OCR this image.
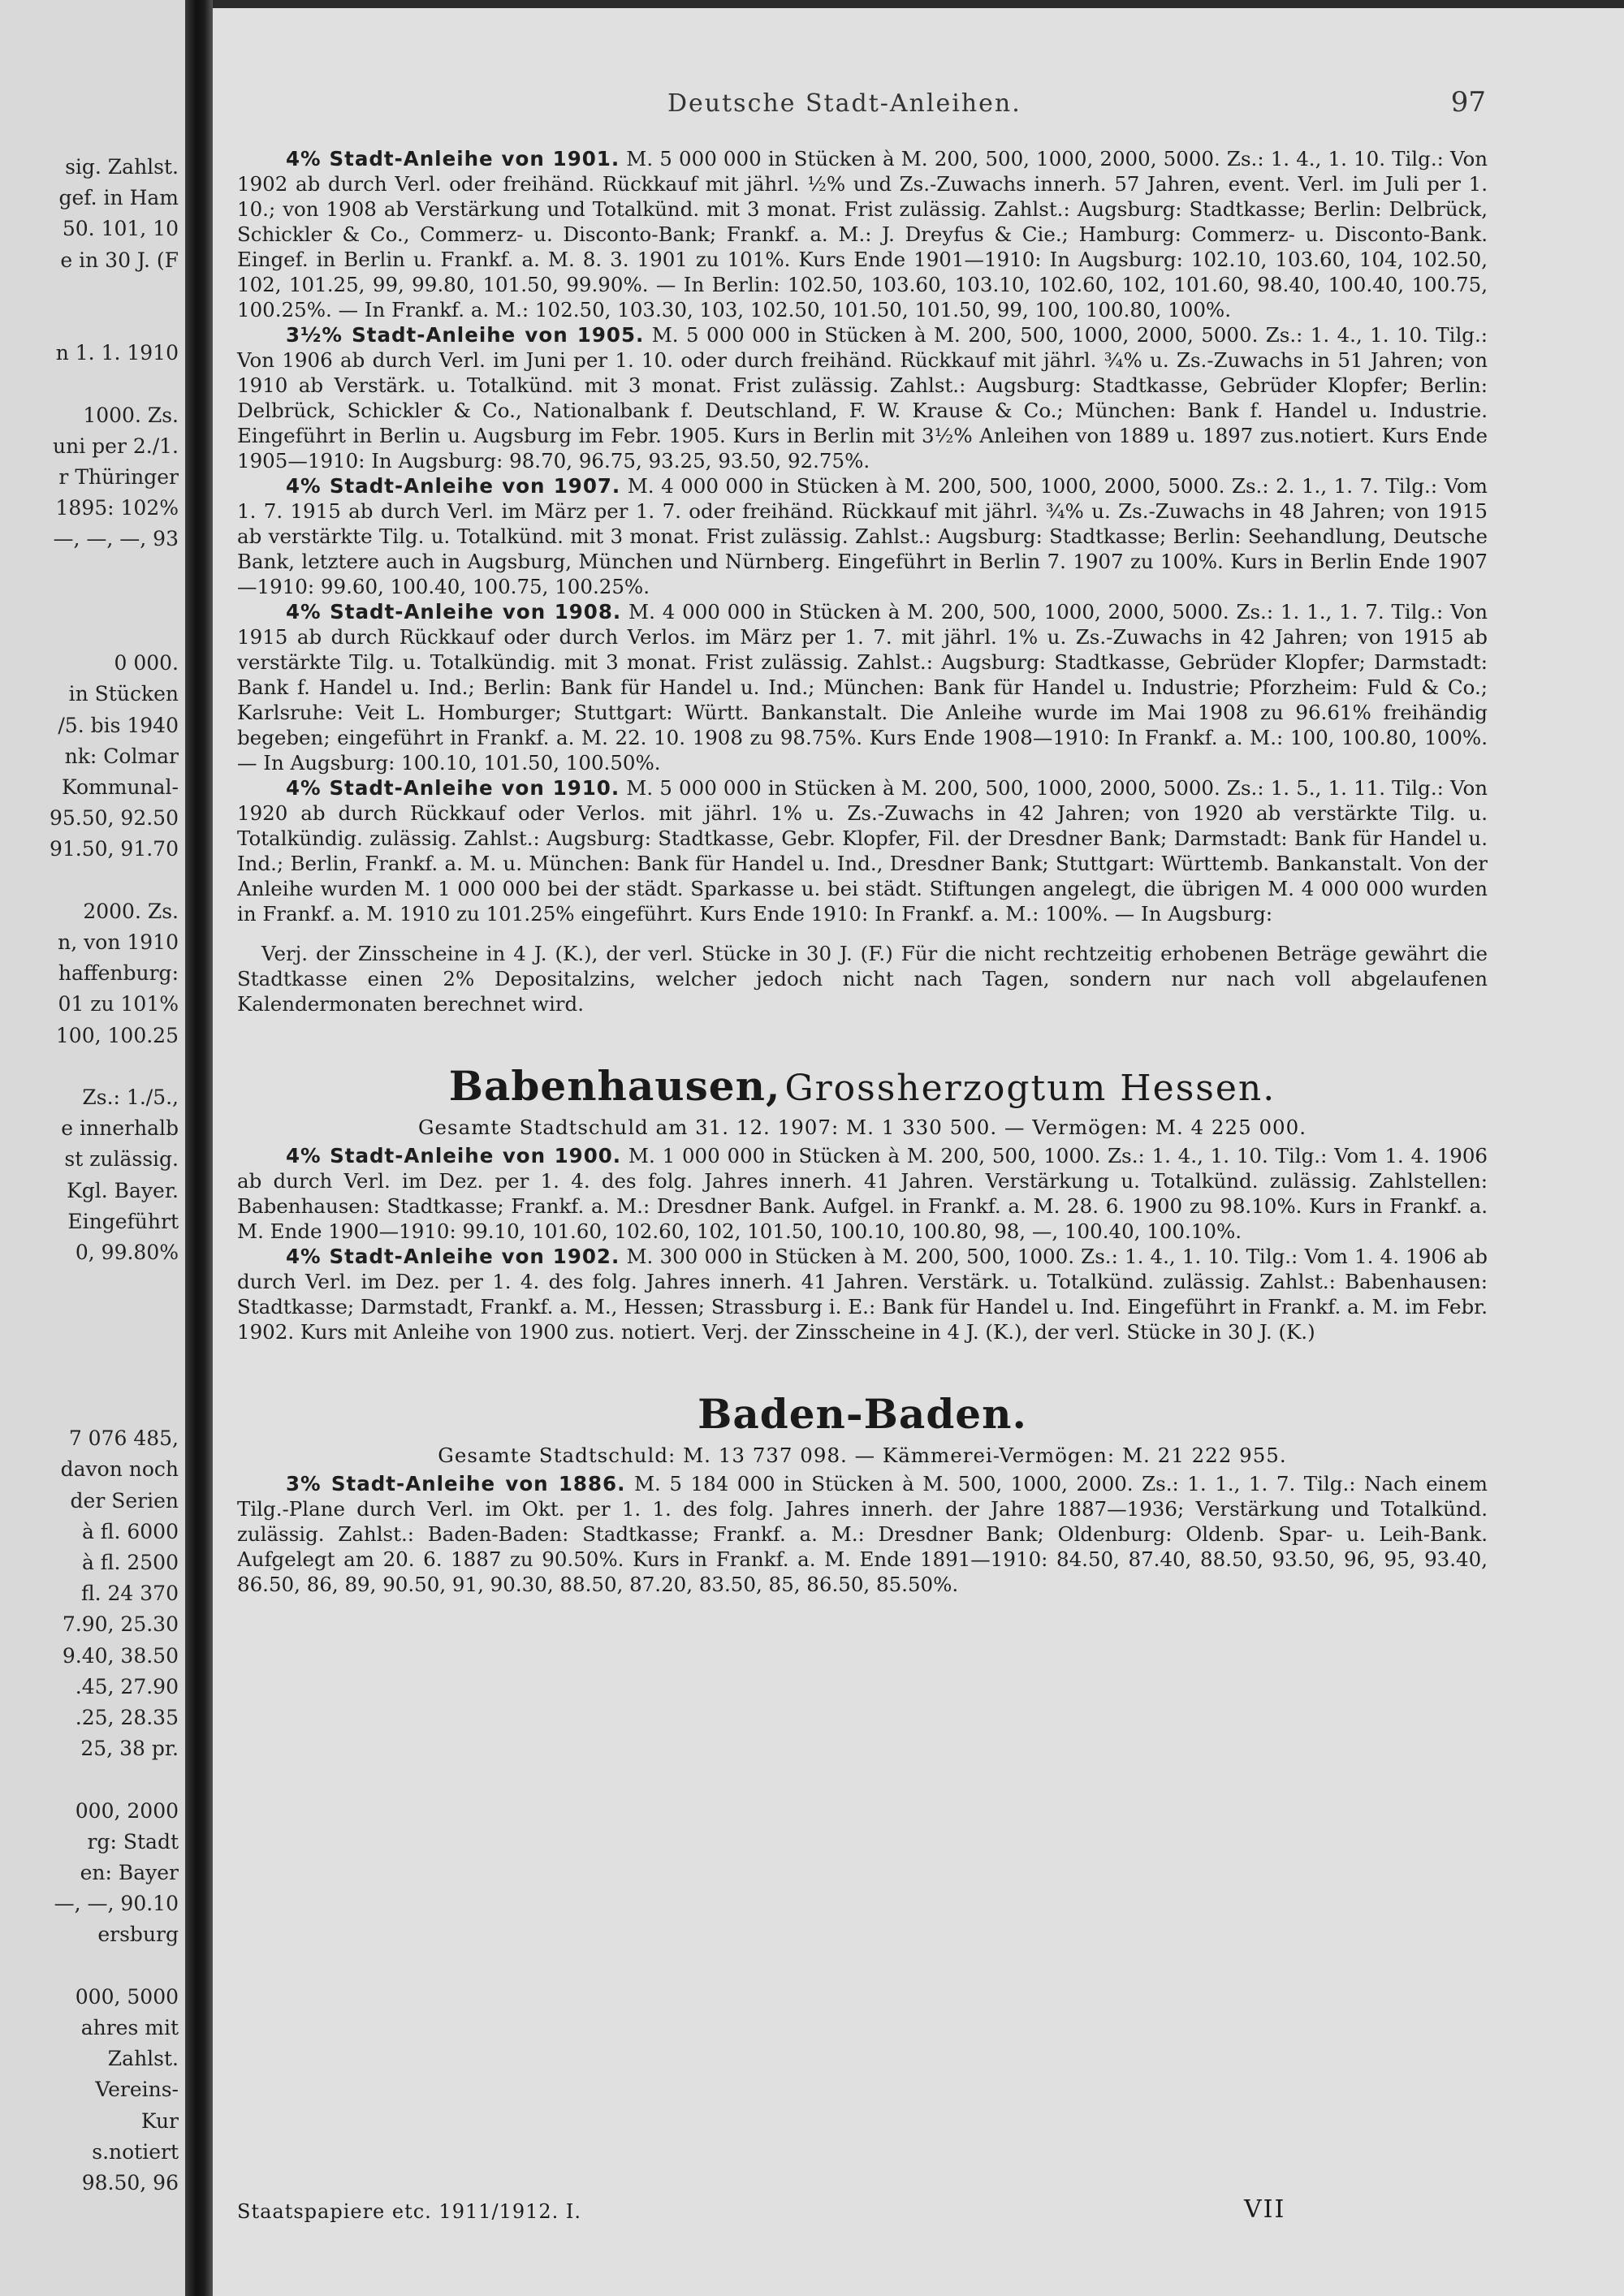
sig. Zahlst.
gef. in Ham
50. 101, 10
e in 30 J. (F
n 1. 1. 1910
1000. Zs.
uni per 2./1.
r Thüringer
1895: 102%
—, —, —, 93
0 000.
in Stücken
/5. bis 1940
nk: Colmar
Kommunal-
95.50, 92.50
91.50, 91.70
2000. Zs.
n, von 1910
haffenburg:
01 zu 101%
100, 100.25
Zs.: 1./5.,
e innerhalb
st zulässig.
Kgl. Bayer.
Eingeführt
0, 99.80%
7 076 485,
davon noch
der Serien
à fl. 6000
à fl. 2500
fl. 24 370
7.90, 25.30
9.40, 38.50
.45, 27.90
.25, 28.35
25, 38 pr.
000, 2000
rg: Stadt
en: Bayer
—, —, 90.10
ersburg
000, 5000
ahres mit
Zahlst.
Vereins-
Kur
s.notiert
98.50, 96
Deutsche Stadt-Anleihen.	97

4% Stadt-Anleihe von 1901. M. 5 000 000 in Stücken à M. 200, 500, 1000, 2000, 5000. Zs.: 1. 4., 1. 10. Tilg.: Von 1902 ab durch Verl. oder freihänd. Rückkauf mit jährl. ½% und Zs.-Zuwachs innerh. 57 Jahren, event. Verl. im Juli per 1. 10.; von 1908 ab Verstärkung und Totalkünd. mit 3 monat. Frist zulässig. Zahlst.: Augsburg: Stadtkasse; Berlin: Delbrück, Schickler & Co., Commerz- u. Disconto-Bank; Frankf. a. M.: J. Dreyfus & Cie.; Hamburg: Commerz- u. Disconto-Bank. Eingef. in Berlin u. Frankf. a. M. 8. 3. 1901 zu 101%. Kurs Ende 1901—1910: In Augsburg: 102.10, 103.60, 104, 102.50, 102, 101.25, 99, 99.80, 101.50, 99.90%. — In Berlin: 102.50, 103.60, 103.10, 102.60, 102, 101.60, 98.40, 100.40, 100.75, 100.25%. — In Frankf. a. M.: 102.50, 103.30, 103, 102.50, 101.50, 101.50, 99, 100, 100.80, 100%.

3½% Stadt-Anleihe von 1905. M. 5 000 000 in Stücken à M. 200, 500, 1000, 2000, 5000. Zs.: 1. 4., 1. 10. Tilg.: Von 1906 ab durch Verl. im Juni per 1. 10. oder durch freihänd. Rückkauf mit jährl. ¾% u. Zs.-Zuwachs in 51 Jahren; von 1910 ab Verstärk. u. Totalkünd. mit 3 monat. Frist zulässig. Zahlst.: Augsburg: Stadtkasse, Gebrüder Klopfer; Berlin: Delbrück, Schickler & Co., Nationalbank f. Deutschland, F. W. Krause & Co.; München: Bank f. Handel u. Industrie. Eingeführt in Berlin u. Augsburg im Febr. 1905. Kurs in Berlin mit 3½% Anleihen von 1889 u. 1897 zus.notiert. Kurs Ende 1905—1910: In Augsburg: 98.70, 96.75, 93.25, 93.50, 92.75%.

4% Stadt-Anleihe von 1907. M. 4 000 000 in Stücken à M. 200, 500, 1000, 2000, 5000. Zs.: 2. 1., 1. 7. Tilg.: Vom 1. 7. 1915 ab durch Verl. im März per 1. 7. oder freihänd. Rückkauf mit jährl. ¾% u. Zs.-Zuwachs in 48 Jahren; von 1915 ab verstärkte Tilg. u. Totalkünd. mit 3 monat. Frist zulässig. Zahlst.: Augsburg: Stadtkasse; Berlin: Seehandlung, Deutsche Bank, letztere auch in Augsburg, München und Nürnberg. Eingeführt in Berlin 7. 1907 zu 100%. Kurs in Berlin Ende 1907—1910: 99.60, 100.40, 100.75, 100.25%.

4% Stadt-Anleihe von 1908. M. 4 000 000 in Stücken à M. 200, 500, 1000, 2000, 5000. Zs.: 1. 1., 1. 7. Tilg.: Von 1915 ab durch Rückkauf oder durch Verlos. im März per 1. 7. mit jährl. 1% u. Zs.-Zuwachs in 42 Jahren; von 1915 ab verstärkte Tilg. u. Totalkündig. mit 3 monat. Frist zulässig. Zahlst.: Augsburg: Stadtkasse, Gebrüder Klopfer; Darmstadt: Bank f. Handel u. Ind.; Berlin: Bank für Handel u. Ind.; München: Bank für Handel u. Industrie; Pforzheim: Fuld & Co.; Karlsruhe: Veit L. Homburger; Stuttgart: Württ. Bankanstalt. Die Anleihe wurde im Mai 1908 zu 96.61% freihändig begeben; eingeführt in Frankf. a. M. 22. 10. 1908 zu 98.75%. Kurs Ende 1908—1910: In Frankf. a. M.: 100, 100.80, 100%. — In Augsburg: 100.10, 101.50, 100.50%.

4% Stadt-Anleihe von 1910. M. 5 000 000 in Stücken à M. 200, 500, 1000, 2000, 5000. Zs.: 1. 5., 1. 11. Tilg.: Von 1920 ab durch Rückkauf oder Verlos. mit jährl. 1% u. Zs.-Zuwachs in 42 Jahren; von 1920 ab verstärkte Tilg. u. Totalkündig. zulässig. Zahlst.: Augsburg: Stadtkasse, Gebr. Klopfer, Fil. der Dresdner Bank; Darmstadt: Bank für Handel u. Ind.; Berlin, Frankf. a. M. u. München: Bank für Handel u. Ind., Dresdner Bank; Stuttgart: Württemb. Bankanstalt. Von der Anleihe wurden M. 1 000 000 bei der städt. Sparkasse u. bei städt. Stiftungen angelegt, die übrigen M. 4 000 000 wurden in Frankf. a. M. 1910 zu 101.25% eingeführt. Kurs Ende 1910: In Frankf. a. M.: 100%. — In Augsburg:

Verj. der Zinsscheine in 4 J. (K.), der verl. Stücke in 30 J. (F.) Für die nicht rechtzeitig erhobenen Beträge gewährt die Stadtkasse einen 2% Depositalzins, welcher jedoch nicht nach Tagen, sondern nur nach voll abgelaufenen Kalendermonaten berechnet wird.

Babenhausen, Grossherzogtum Hessen.

Gesamte Stadtschuld am 31. 12. 1907: M. 1 330 500. — Vermögen: M. 4 225 000.

4% Stadt-Anleihe von 1900. M. 1 000 000 in Stücken à M. 200, 500, 1000. Zs.: 1. 4., 1. 10. Tilg.: Vom 1. 4. 1906 ab durch Verl. im Dez. per 1. 4. des folg. Jahres innerh. 41 Jahren. Verstärkung u. Totalkünd. zulässig. Zahlstellen: Babenhausen: Stadtkasse; Frankf. a. M.: Dresdner Bank. Aufgel. in Frankf. a. M. 28. 6. 1900 zu 98.10%. Kurs in Frankf. a. M. Ende 1900—1910: 99.10, 101.60, 102.60, 102, 101.50, 100.10, 100.80, 98, —, 100.40, 100.10%.

4% Stadt-Anleihe von 1902. M. 300 000 in Stücken à M. 200, 500, 1000. Zs.: 1. 4., 1. 10. Tilg.: Vom 1. 4. 1906 ab durch Verl. im Dez. per 1. 4. des folg. Jahres innerh. 41 Jahren. Verstärk. u. Totalkünd. zulässig. Zahlst.: Babenhausen: Stadtkasse; Darmstadt, Frankf. a. M., Hessen; Strassburg i. E.: Bank für Handel u. Ind. Eingeführt in Frankf. a. M. im Febr. 1902. Kurs mit Anleihe von 1900 zus. notiert. Verj. der Zinsscheine in 4 J. (K.), der verl. Stücke in 30 J. (K.)

Baden-Baden.

Gesamte Stadtschuld: M. 13 737 098. — Kämmerei-Vermögen: M. 21 222 955.

3% Stadt-Anleihe von 1886. M. 5 184 000 in Stücken à M. 500, 1000, 2000. Zs.: 1. 1., 1. 7. Tilg.: Nach einem Tilg.-Plane durch Verl. im Okt. per 1. 1. des folg. Jahres innerh. der Jahre 1887—1936; Verstärkung und Totalkünd. zulässig. Zahlst.: Baden-Baden: Stadtkasse; Frankf. a. M.: Dresdner Bank; Oldenburg: Oldenb. Spar- u. Leih-Bank. Aufgelegt am 20. 6. 1887 zu 90.50%. Kurs in Frankf. a. M. Ende 1891—1910: 84.50, 87.40, 88.50, 93.50, 96, 95, 93.40, 86.50, 86, 89, 90.50, 91, 90.30, 88.50, 87.20, 83.50, 85, 86.50, 85.50%.

Staatspapiere etc. 1911/1912. I.	VII
